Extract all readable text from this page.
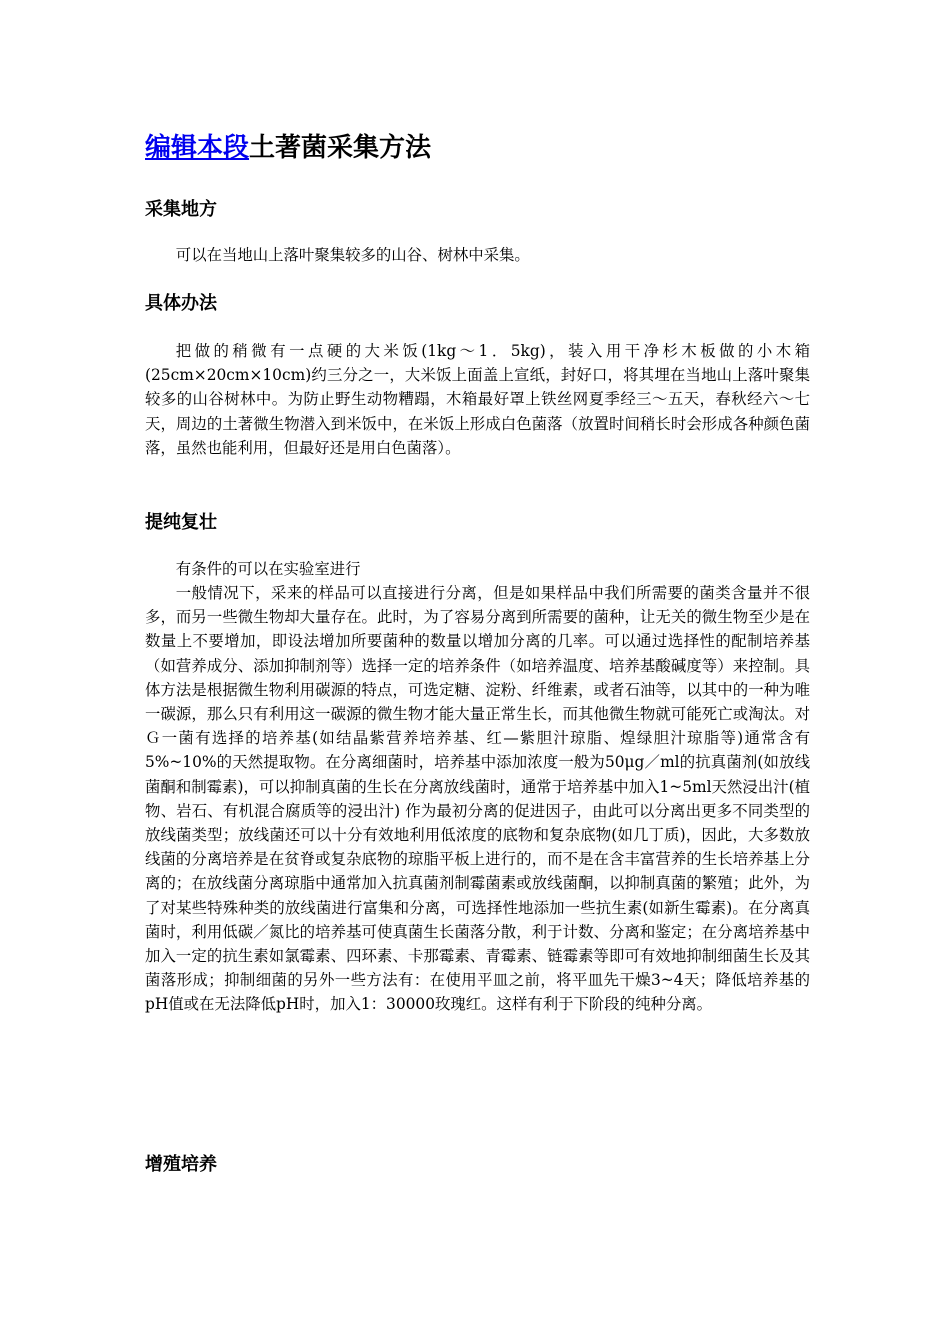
编辑本段土著菌采集方法
采集地方

可以在当地山上落叶聚集较多的山谷、树林中采集。

具体办法

把做的稍微有一点硬的大米饭(1kg～1．5kg)，装入用干净杉木板做的小木箱(25cm×20cm×10cm)约三分之一，大米饭上面盖上宣纸，封好口，将其埋在当地山上落叶聚集较多的山谷树林中。为防止野生动物糟蹋，木箱最好罩上铁丝网夏季经三～五天，春秋经六～七天，周边的土著微生物潜入到米饭中，在米饭上形成白色菌落（放置时间稍长时会形成各种颜色菌落，虽然也能利用，但最好还是用白色菌落）。

提纯复壮

有条件的可以在实验室进行

一般情况下，采来的样品可以直接进行分离，但是如果样品中我们所需要的菌类含量并不很多，而另一些微生物却大量存在。此时，为了容易分离到所需要的菌种，让无关的微生物至少是在数量上不要增加，即设法增加所要菌种的数量以增加分离的几率。可以通过选择性的配制培养基（如营养成分、添加抑制剂等）选择一定的培养条件（如培养温度、培养基酸碱度等）来控制。具体方法是根据微生物利用碳源的特点，可选定糖、淀粉、纤维素，或者石油等，以其中的一种为唯一碳源，那么只有利用这一碳源的微生物才能大量正常生长，而其他微生物就可能死亡或淘汰。对Ｇ一菌有选择的培养基(如结晶紫营养培养基、红—紫胆汁琼脂、煌绿胆汁琼脂等)通常含有5%~10%的天然提取物。在分离细菌时，培养基中添加浓度一般为50μg／ml的抗真菌剂(如放线菌酮和制霉素)，可以抑制真菌的生长在分离放线菌时，通常于培养基中加入1~5ml天然浸出汁(植物、岩石、有机混合腐质等的浸出汁) 作为最初分离的促进因子，由此可以分离出更多不同类型的放线菌类型；放线菌还可以十分有效地利用低浓度的底物和复杂底物(如几丁质)，因此，大多数放线菌的分离培养是在贫脊或复杂底物的琼脂平板上进行的，而不是在含丰富营养的生长培养基上分离的；在放线菌分离琼脂中通常加入抗真菌剂制霉菌素或放线菌酮，以抑制真菌的繁殖；此外，为了对某些特殊种类的放线菌进行富集和分离，可选择性地添加一些抗生素(如新生霉素)。在分离真菌时，利用低碳／氮比的培养基可使真菌生长菌落分散，利于计数、分离和鉴定；在分离培养基中加入一定的抗生素如氯霉素、四环素、卡那霉素、青霉素、链霉素等即可有效地抑制细菌生长及其菌落形成；抑制细菌的另外一些方法有：在使用平皿之前，将平皿先干燥3~4天；降低培养基的pH值或在无法降低pH时，加入1：30000玫瑰红。这样有利于下阶段的纯种分离。

增殖培养
